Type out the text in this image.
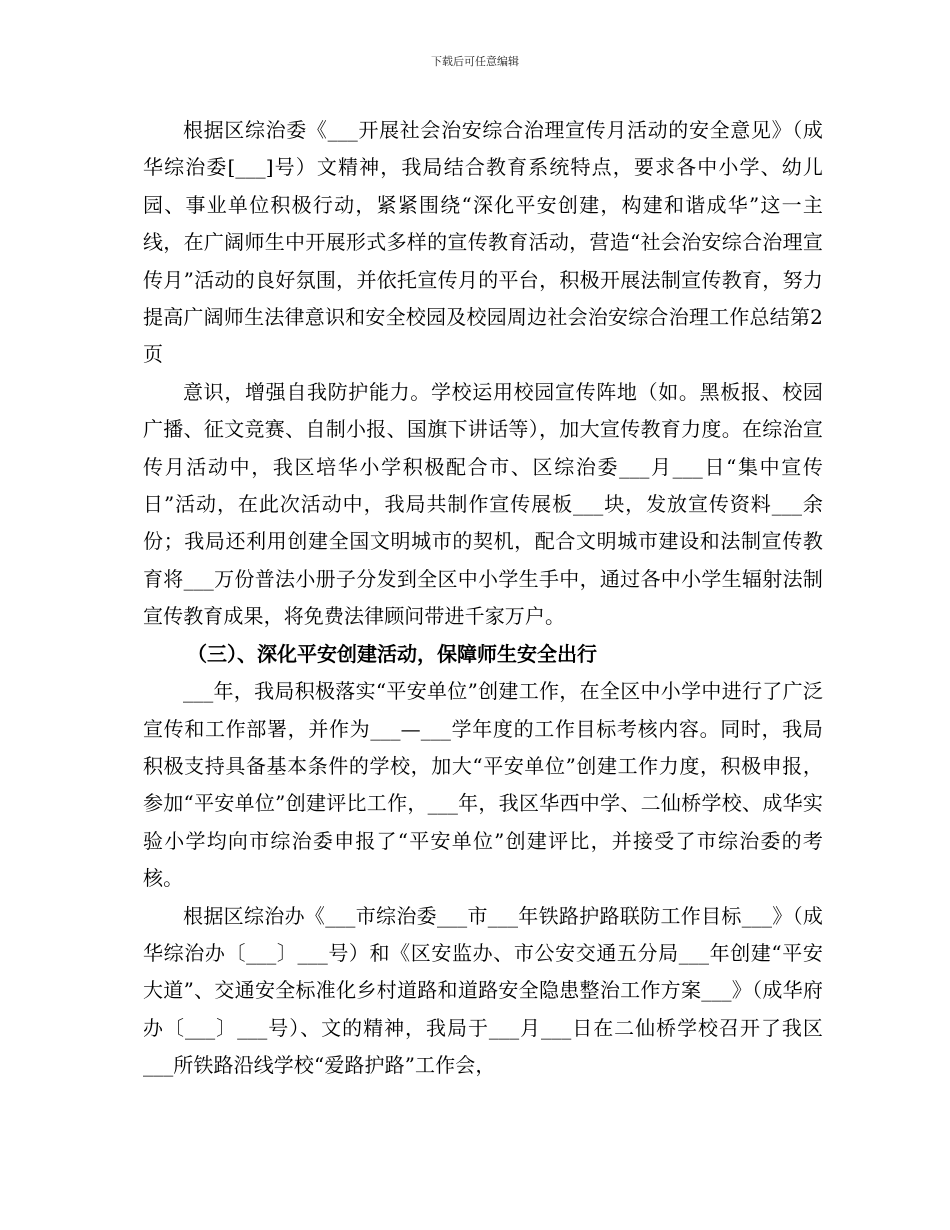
下载后可任意编辑

根据区综治委《___开展社会治安综合治理宣传月活动的安全意见》（成华综治委[___]号）文精神，我局结合教育系统特点，要求各中小学、幼儿园、事业单位积极行动，紧紧围绕“深化平安创建，构建和谐成华”这一主线，在广阔师生中开展形式多样的宣传教育活动，营造“社会治安综合治理宣传月”活动的良好氛围，并依托宣传月的平台，积极开展法制宣传教育，努力提高广阔师生法律意识和安全校园及校园周边社会治安综合治理工作总结第2页

意识，增强自我防护能力。学校运用校园宣传阵地（如。黑板报、校园广播、征文竞赛、自制小报、国旗下讲话等），加大宣传教育力度。在综治宣传月活动中，我区培华小学积极配合市、区综治委___月___日“集中宣传日”活动，在此次活动中，我局共制作宣传展板___块，发放宣传资料___余份；我局还利用创建全国文明城市的契机，配合文明城市建设和法制宣传教育将___万份普法小册子分发到全区中小学生手中，通过各中小学生辐射法制宣传教育成果，将免费法律顾问带进千家万户。

（三）、深化平安创建活动，保障师生安全出行

___年，我局积极落实“平安单位”创建工作，在全区中小学中进行了广泛宣传和工作部署，并作为___—___学年度的工作目标考核内容。同时，我局积极支持具备基本条件的学校，加大“平安单位”创建工作力度，积极申报，参加“平安单位”创建评比工作，___年，我区华西中学、二仙桥学校、成华实验小学均向市综治委申报了“平安单位”创建评比，并接受了市综治委的考核。

根据区综治办《___市综治委___市___年铁路护路联防工作目标___》（成华综治办〔___〕___号）和《区安监办、市公安交通五分局___年创建“平安大道”、交通安全标准化乡村道路和道路安全隐患整治工作方案___》（成华府办〔___〕___号）、文的精神，我局于___月___日在二仙桥学校召开了我区___所铁路沿线学校“爱路护路”工作会，
